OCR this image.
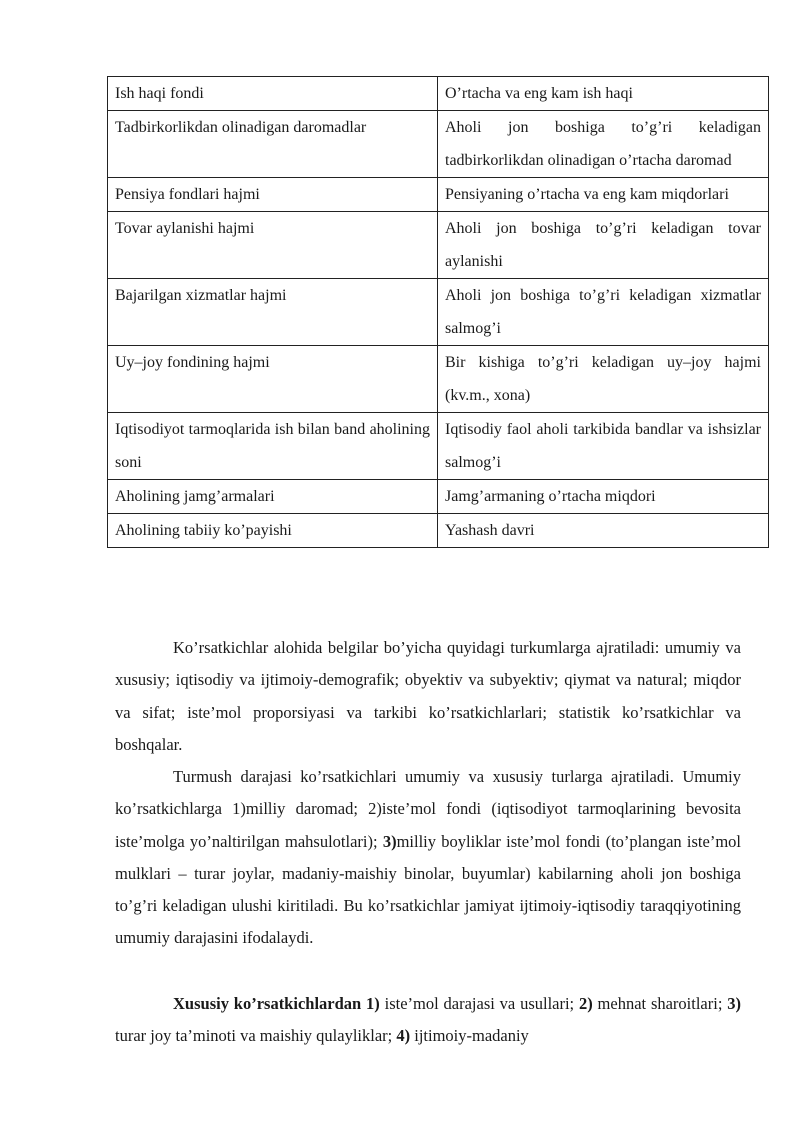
Ish haqi fondi	O’rtacha va eng kam ish haqi
Tadbirkorlikdan olinadigan daromadlar	Aholi jon boshiga to’g’ri keladigan tadbirkorlikdan olinadigan o’rtacha daromad
Pensiya fondlari hajmi	Pensiyaning o’rtacha va eng kam miqdorlari
Tovar aylanishi hajmi	Aholi jon boshiga to’g’ri keladigan tovar aylanishi
Bajarilgan xizmatlar hajmi	Aholi jon boshiga to’g’ri keladigan xizmatlar salmog’i
Uy–joy fondining hajmi	Bir kishiga to’g’ri keladigan uy–joy hajmi (kv.m., xona)
Iqtisodiyot tarmoqlarida ish bilan band aholining soni	Iqtisodiy faol aholi tarkibida bandlar va ishsizlar salmog’i
Aholining jamg’armalari	Jamg’armaning o’rtacha miqdori
Aholining tabiiy ko’payishi	Yashash davri

Ko’rsatkichlar alohida belgilar bo’yicha quyidagi turkumlarga ajratiladi: umumiy va xususiy; iqtisodiy va ijtimoiy-demografik; obyektiv va subyektiv; qiymat va natural; miqdor va sifat; iste’mol proporsiyasi va tarkibi ko’rsatkichlarlari; statistik ko’rsatkichlar va boshqalar.

Turmush darajasi ko’rsatkichlari umumiy va xususiy turlarga ajratiladi. Umumiy ko’rsatkichlarga 1)milliy daromad; 2)iste’mol fondi (iqtisodiyot tarmoqlarining bevosita iste’molga yo’naltirilgan mahsulotlari); 3)milliy boyliklar iste’mol fondi (to’plangan iste’mol mulklari – turar joylar, madaniy-maishiy binolar, buyumlar) kabilarning aholi jon boshiga to’g’ri keladigan ulushi kiritiladi. Bu ko’rsatkichlar jamiyat ijtimoiy-iqtisodiy taraqqiyotining umumiy darajasini ifodalaydi.

Xususiy ko’rsatkichlardan 1) iste’mol darajasi va usullari; 2) mehnat sharoitlari; 3) turar joy ta’minoti va maishiy qulayliklar; 4) ijtimoiy-madaniy
